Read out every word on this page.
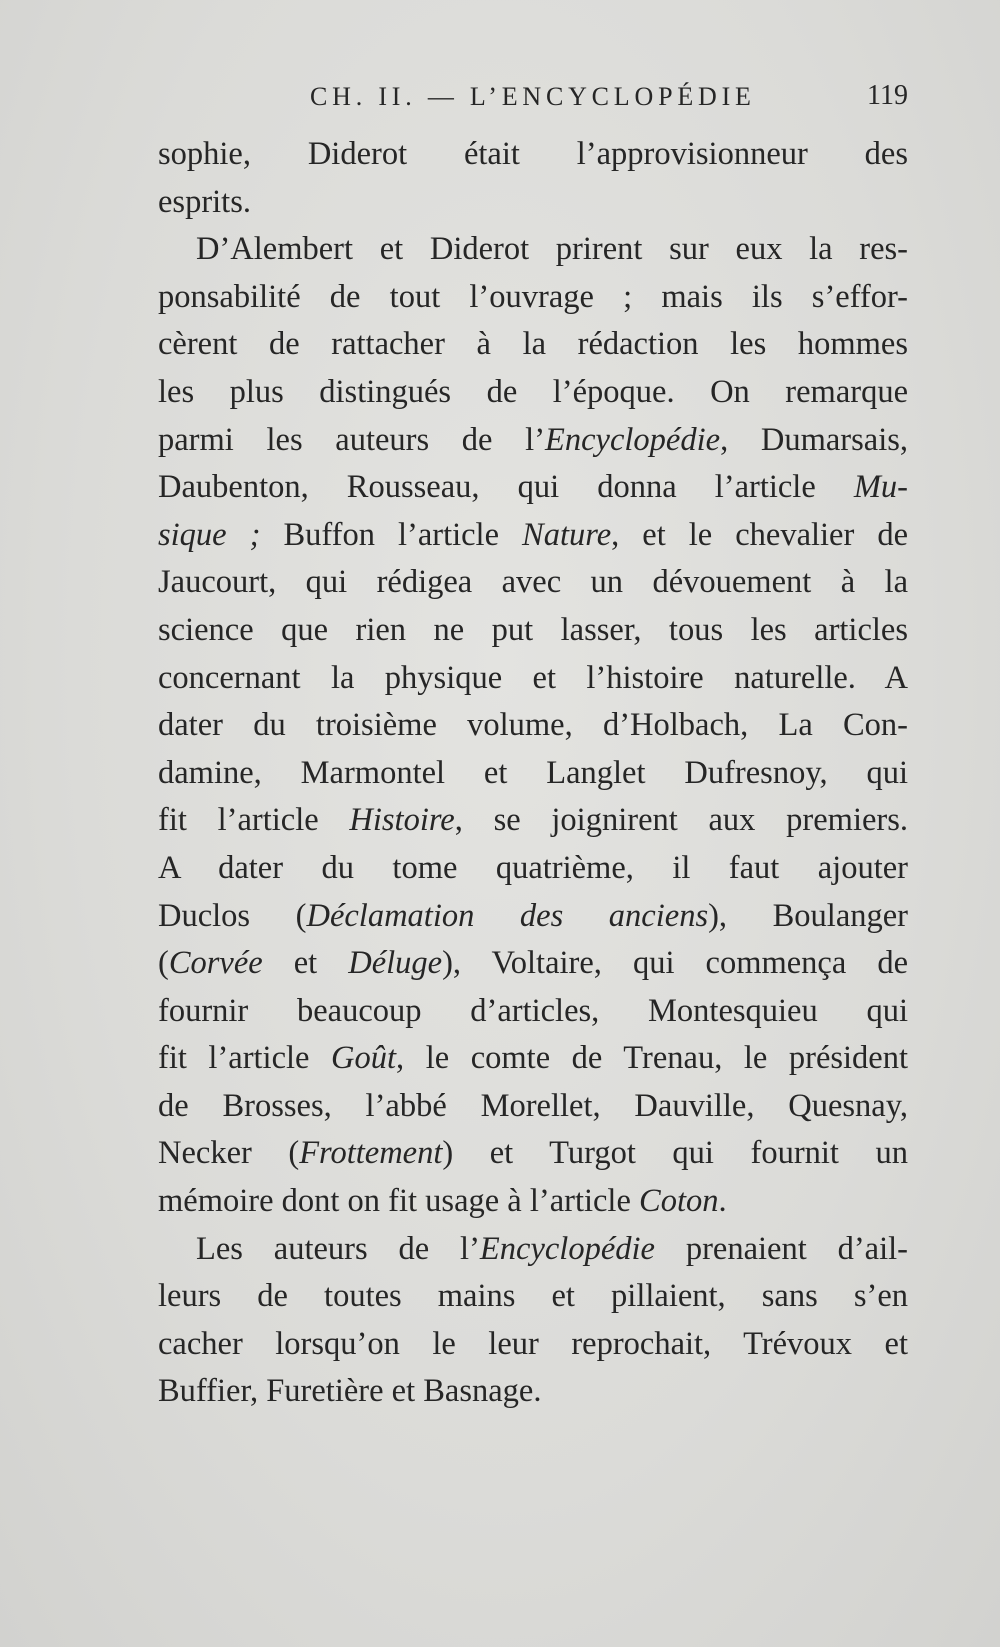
CH. II. — L’ENCYCLOPÉDIE	119
sophie, Diderot était l’approvisionneur des
esprits.
D’Alembert et Diderot prirent sur eux la res-
ponsabilité de tout l’ouvrage ; mais ils s’effor-
cèrent de rattacher à la rédaction les hommes
les plus distingués de l’époque. On remarque
parmi les auteurs de l’Encyclopédie, Dumarsais,
Daubenton, Rousseau, qui donna l’article Mu-
sique ; Buffon l’article Nature, et le chevalier de
Jaucourt, qui rédigea avec un dévouement à la
science que rien ne put lasser, tous les articles
concernant la physique et l’histoire naturelle. A
dater du troisième volume, d’Holbach, La Con-
damine, Marmontel et Langlet Dufresnoy, qui
fit l’article Histoire, se joignirent aux premiers.
A dater du tome quatrième, il faut ajouter
Duclos (Déclamation des anciens), Boulanger
(Corvée et Déluge), Voltaire, qui commença de
fournir beaucoup d’articles, Montesquieu qui
fit l’article Goût, le comte de Trenau, le président
de Brosses, l’abbé Morellet, Dauville, Quesnay,
Necker (Frottement) et Turgot qui fournit un
mémoire dont on fit usage à l’article Coton.
Les auteurs de l’Encyclopédie prenaient d’ail-
leurs de toutes mains et pillaient, sans s’en
cacher lorsqu’on le leur reprochait, Trévoux et
Buffier, Furetière et Basnage.
